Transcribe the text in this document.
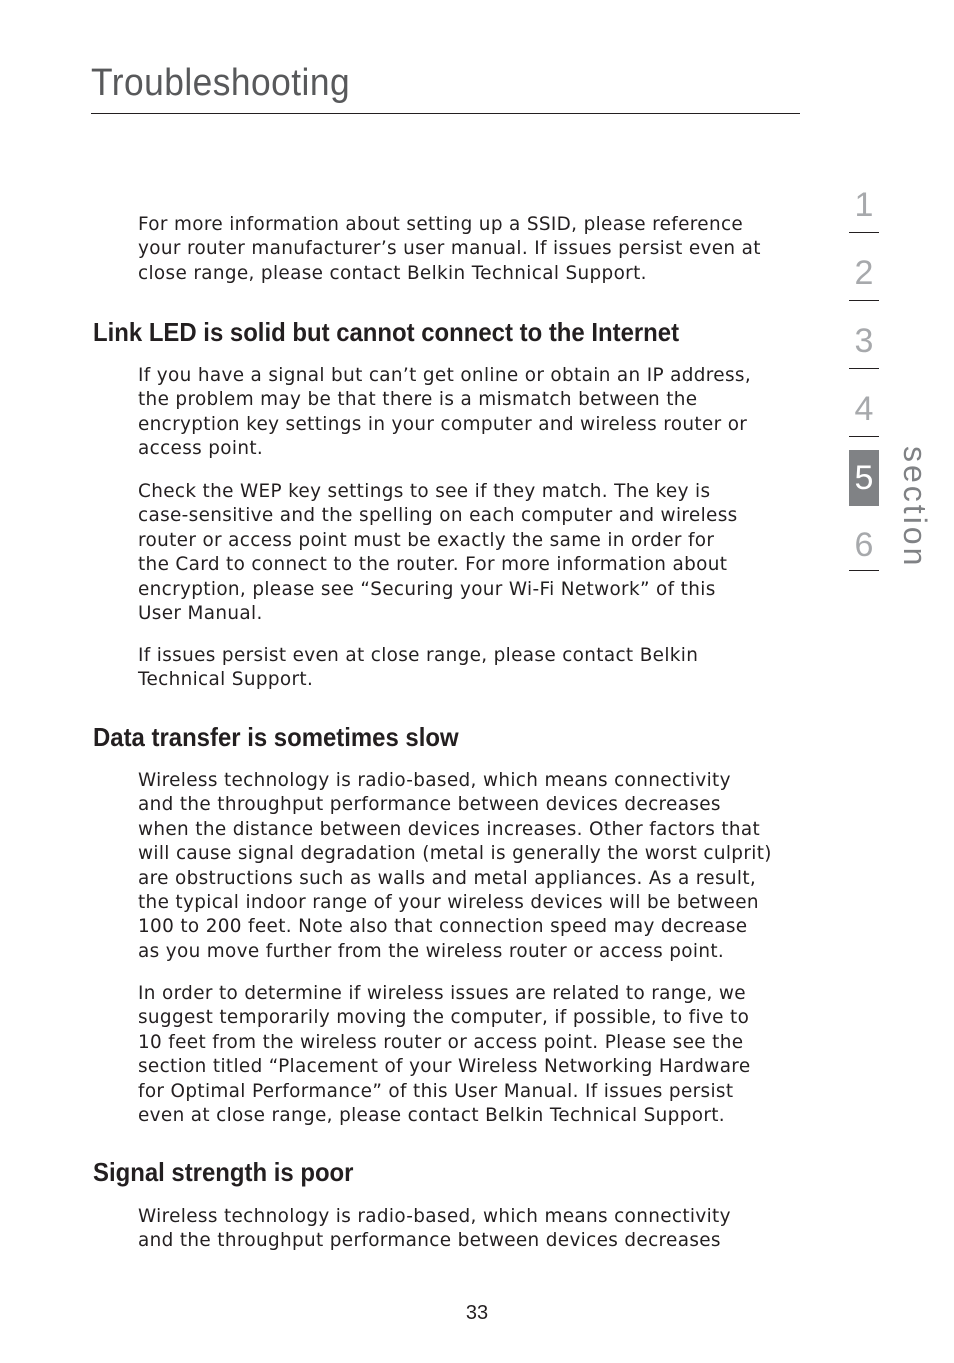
Troubleshooting

For more information about setting up a SSID, please reference
your router manufacturer’s user manual. If issues persist even at
close range, please contact Belkin Technical Support.

Link LED is solid but cannot connect to the Internet

If you have a signal but can’t get online or obtain an IP address,
the problem may be that there is a mismatch between the
encryption key settings in your computer and wireless router or
access point.

Check the WEP key settings to see if they match. The key is
case-sensitive and the spelling on each computer and wireless
router or access point must be exactly the same in order for
the Card to connect to the router. For more information about
encryption, please see “Securing your Wi-Fi Network” of this
User Manual.

If issues persist even at close range, please contact Belkin
Technical Support.

Data transfer is sometimes slow

Wireless technology is radio-based, which means connectivity
and the throughput performance between devices decreases
when the distance between devices increases. Other factors that
will cause signal degradation (metal is generally the worst culprit)
are obstructions such as walls and metal appliances. As a result,
the typical indoor range of your wireless devices will be between
100 to 200 feet. Note also that connection speed may decrease
as you move further from the wireless router or access point.

In order to determine if wireless issues are related to range, we
suggest temporarily moving the computer, if possible, to five to
10 feet from the wireless router or access point. Please see the
section titled “Placement of your Wireless Networking Hardware
for Optimal Performance” of this User Manual. If issues persist
even at close range, please contact Belkin Technical Support.

Signal strength is poor

Wireless technology is radio-based, which means connectivity
and the throughput performance between devices decreases

1
2
3
4
5
6 section
33
